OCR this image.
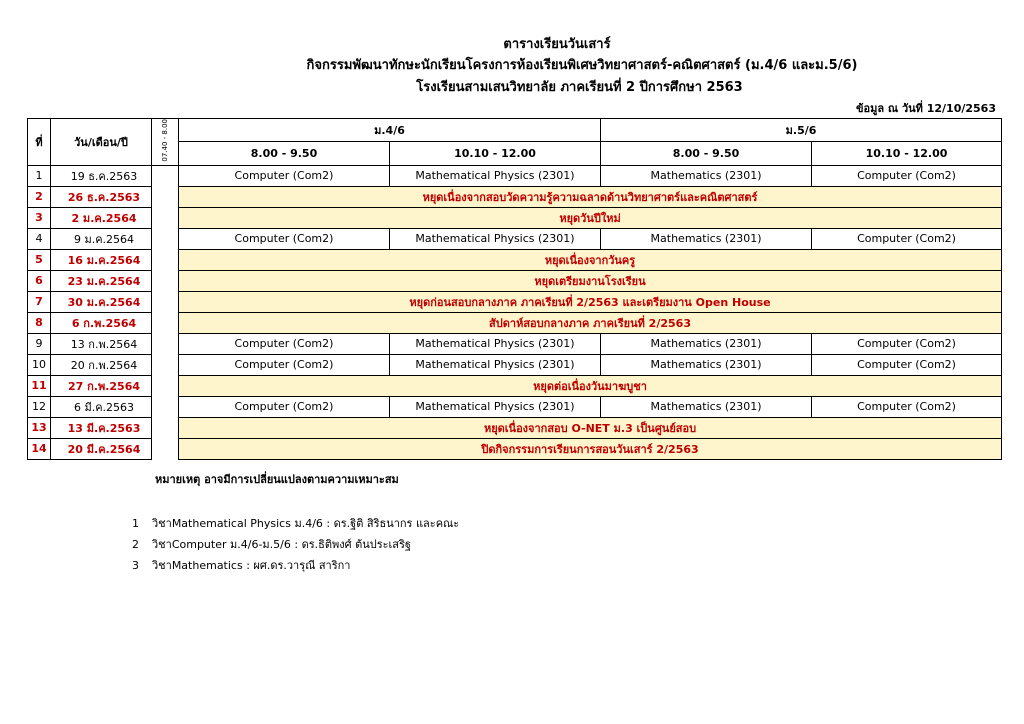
ตารางเรียนวันเสาร์
กิจกรรมพัฒนาทักษะนักเรียนโครงการห้องเรียนพิเศษวิทยาศาสตร์-คณิตศาสตร์ (ม.4/6 และม.5/6)
โรงเรียนสามเสนวิทยาลัย ภาคเรียนที่ 2 ปีการศึกษา 2563
ข้อมูล ณ วันที่ 12/10/2563
ที่	วัน/เดือน/ปี	07.40 - 8.00	ม.4/6		ม.5/6	
			8.00 - 9.50	10.10 - 12.00	8.00 - 9.50	10.10 - 12.00
1	19 ธ.ค.2563		Computer (Com2)	Mathematical Physics (2301)	Mathematics (2301)	Computer (Com2)
2	26 ธ.ค.2563		หยุดเนื่องจากสอบวัดความรู้ความฉลาดด้านวิทยาศาตร์และคณิตศาสตร์			
3	2 ม.ค.2564		หยุดวันปีใหม่			
4	9 ม.ค.2564		Computer (Com2)	Mathematical Physics (2301)	Mathematics (2301)	Computer (Com2)
5	16 ม.ค.2564		หยุดเนื่องจากวันครู			
6	23 ม.ค.2564		หยุดเตรียมงานโรงเรียน			
7	30 ม.ค.2564		หยุดก่อนสอบกลางภาค ภาคเรียนที่ 2/2563 และเตรียมงาน Open House			
8	6 ก.พ.2564		สัปดาห์สอบกลางภาค ภาคเรียนที่ 2/2563			
9	13 ก.พ.2564		Computer (Com2)	Mathematical Physics (2301)	Mathematics (2301)	Computer (Com2)
10	20 ก.พ.2564		Computer (Com2)	Mathematical Physics (2301)	Mathematics (2301)	Computer (Com2)
11	27 ก.พ.2564		หยุดต่อเนื่องวันมาฆบูชา			
12	6 มี.ค.2563		Computer (Com2)	Mathematical Physics (2301)	Mathematics (2301)	Computer (Com2)
13	13 มี.ค.2563		หยุดเนื่องจากสอบ O-NET ม.3 เป็นศูนย์สอบ			
14	20 มี.ค.2564		ปิดกิจกรรมการเรียนการสอนวันเสาร์ 2/2563			
หมายเหตุ อาจมีการเปลี่ยนแปลงตามความเหมาะสม
1 วิชาMathematical Physics ม.4/6 : ดร.ฐิติ สิริธนากร และคณะ
2 วิชาComputer ม.4/6-ม.5/6 : ดร.ธิติพงศ์ ต้นประเสริฐ
3 วิชาMathematics : ผศ.ดร.วารุณี สาริกา
